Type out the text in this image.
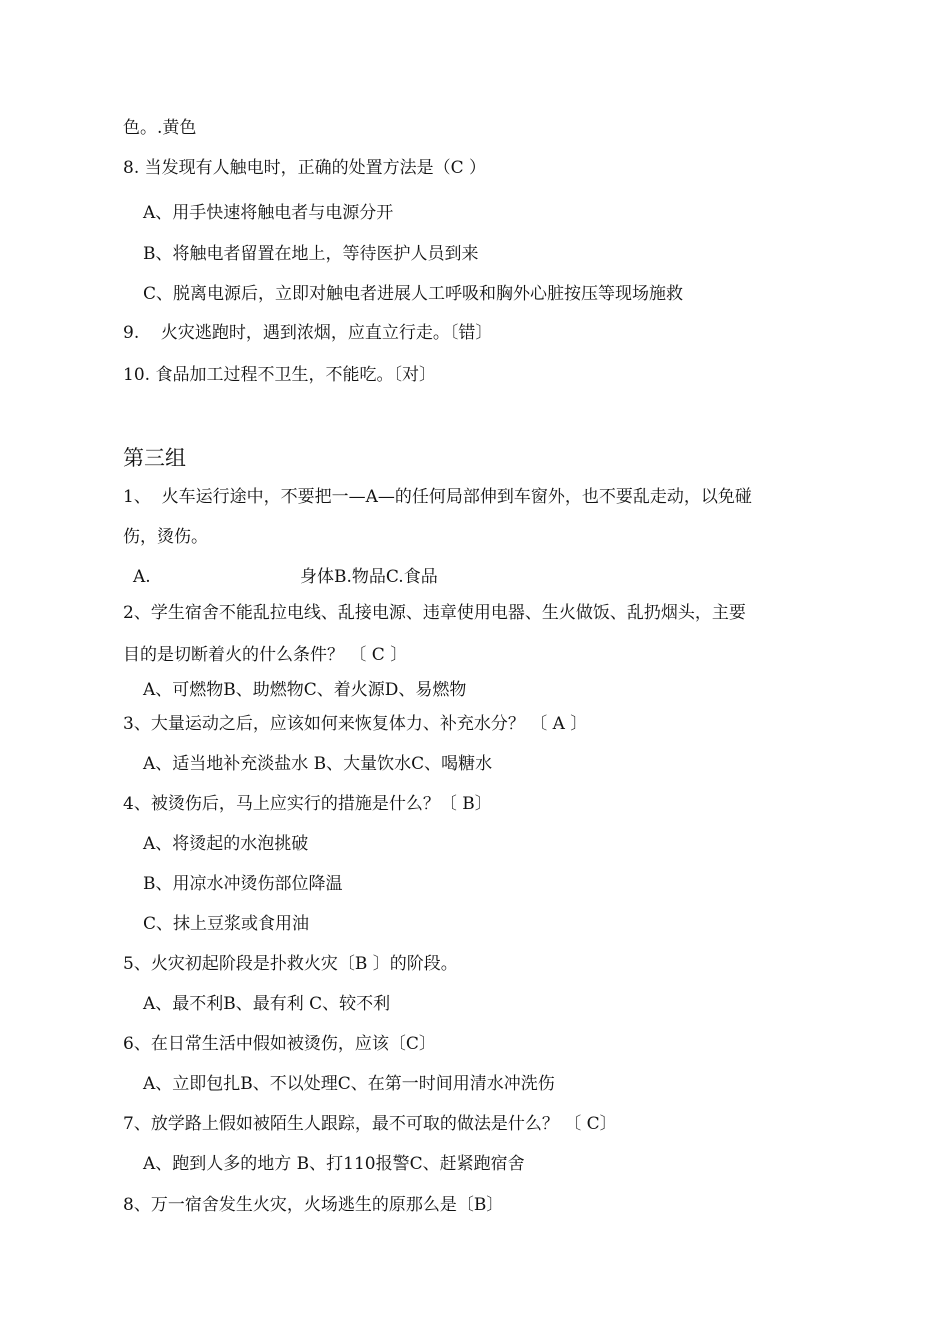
色。.黄色
8. 当发现有人触电时，正确的处置方法是（C ）
A、用手快速将触电者与电源分开
B、将触电者留置在地上，等待医护人员到来
C、脱离电源后，立即对触电者进展人工呼吸和胸外心脏按压等现场施救
9.    火灾逃跑时，遇到浓烟，应直立行走。〔错〕
10. 食品加工过程不卫生，不能吃。〔对〕
第三组
1、  火车运行途中，不要把一—A—的任何局部伸到车窗外，也不要乱走动，以免碰
伤，烫伤。
A.	身体B.物品C.食品
2、学生宿舍不能乱拉电线、乱接电源、违章使用电器、生火做饭、乱扔烟头，主要
目的是切断着火的什么条件？ 〔 C 〕
A、可燃物B、助燃物C、着火源D、易燃物
3、大量运动之后，应该如何来恢复体力、补充水分？ 〔 A 〕
A、适当地补充淡盐水 B、大量饮水C、喝糖水
4、被烫伤后，马上应实行的措施是什么？〔 B〕
A、将烫起的水泡挑破
B、用凉水冲烫伤部位降温
C、抹上豆浆或食用油
5、火灾初起阶段是扑救火灾〔B 〕的阶段。
A、最不利B、最有利 C、较不利
6、在日常生活中假如被烫伤，应该〔C〕
A、立即包扎B、不以处理C、在第一时间用清水冲洗伤
7、放学路上假如被陌生人跟踪，最不可取的做法是什么？ 〔 C〕
A、跑到人多的地方 B、打110报警C、赶紧跑宿舍
8、万一宿舍发生火灾，火场逃生的原那么是〔B〕
